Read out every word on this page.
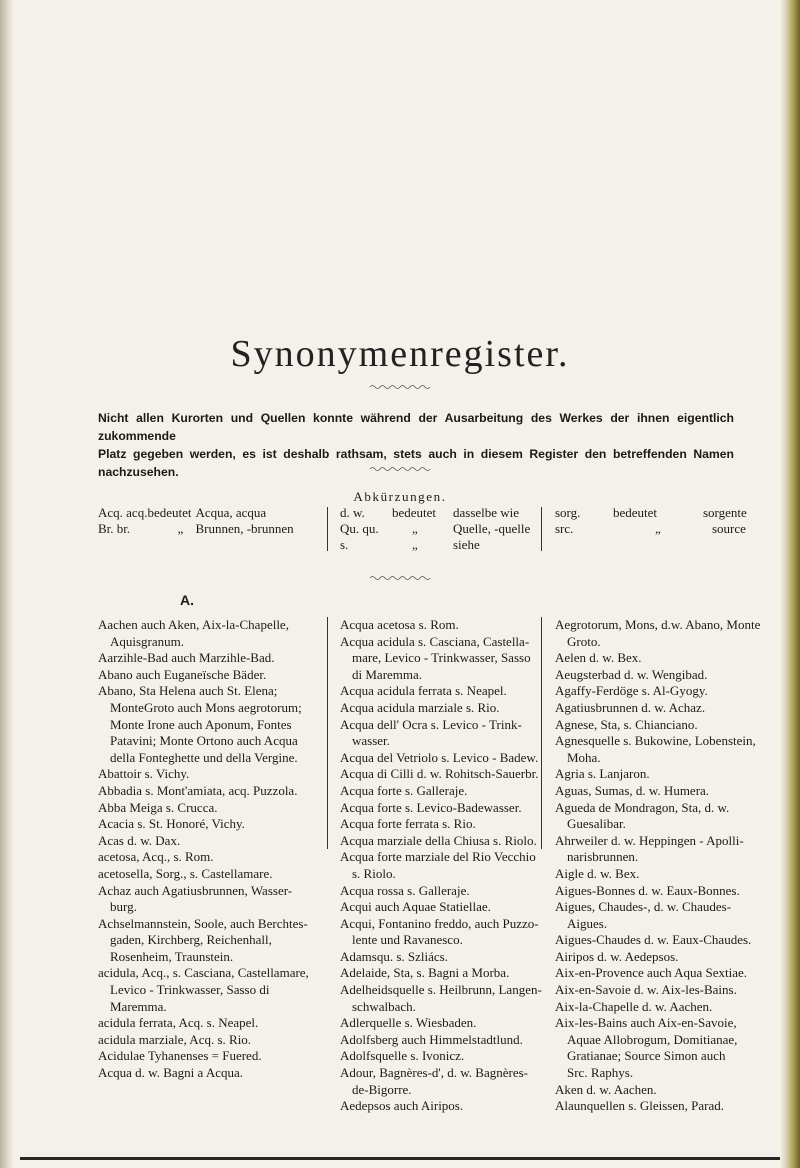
Synonymenregister.

Nicht allen Kurorten und Quellen konnte während der Ausarbeitung des Werkes der ihnen eigentlich zukommende

Platz gegeben werden, es ist deshalb rathsam, stets auch in diesem Register den betreffenden Namen nachzusehen.

Abkürzungen.
Acq. acq.	bedeutet	Acqua, acqua
Br. br.	„	Brunnen, -brunnen
d. w.	bedeutet	dasselbe wie
Qu. qu.	„	Quelle, -quelle
s.	„	siehe
sorg.	bedeutet	sorgente
src.	„	source
A.
Aachen auch Aken, Aix-la-Chapelle,
Aquisgranum.
Aarzihle-Bad auch Marzihle-Bad.
Abano auch Euganeïsche Bäder.
Abano, Sta Helena auch St. Elena;
MonteGroto auch Mons aegrotorum;
Monte Irone auch Aponum, Fontes
Patavini; Monte Ortono auch Acqua
della Fonteghette und della Vergine.
Abattoir s. Vichy.
Abbadia s. Mont'amiata, acq. Puzzola.
Abba Meiga s. Crucca.
Acacia s. St. Honoré, Vichy.
Acas d. w. Dax.
acetosa, Acq., s. Rom.
acetosella, Sorg., s. Castellamare.
Achaz auch Agatiusbrunnen, Wasser-
burg.
Achselmannstein, Soole, auch Berchtes-
gaden, Kirchberg, Reichenhall,
Rosenheim, Traunstein.
acidula, Acq., s. Casciana, Castellamare,
Levico - Trinkwasser, Sasso di
Maremma.
acidula ferrata, Acq. s. Neapel.
acidula marziale, Acq. s. Rio.
Acidulae Tyhanenses = Fuered.
Acqua d. w. Bagni a Acqua.
Acqua acetosa s. Rom.
Acqua acidula s. Casciana, Castella-
mare, Levico - Trinkwasser, Sasso
di Maremma.
Acqua acidula ferrata s. Neapel.
Acqua acidula marziale s. Rio.
Acqua dell' Ocra s. Levico - Trink-
wasser.
Acqua del Vetriolo s. Levico - Badew.
Acqua di Cilli d. w. Rohitsch-Sauerbr.
Acqua forte s. Galleraje.
Acqua forte s. Levico-Badewasser.
Acqua forte ferrata s. Rio.
Acqua marziale della Chiusa s. Riolo.
Acqua forte marziale del Rio Vecchio
s. Riolo.
Acqua rossa s. Galleraje.
Acqui auch Aquae Statiellae.
Acqui, Fontanino freddo, auch Puzzo-
lente und Ravanesco.
Adamsqu. s. Szliács.
Adelaide, Sta, s. Bagni a Morba.
Adelheidsquelle s. Heilbrunn, Langen-
schwalbach.
Adlerquelle s. Wiesbaden.
Adolfsberg auch Himmelstadtlund.
Adolfsquelle s. Ivonicz.
Adour, Bagnères-d', d. w. Bagnères-
de-Bigorre.
Aedepsos auch Airipos.
Aegrotorum, Mons, d.w. Abano, Monte
Groto.
Aelen d. w. Bex.
Aeugsterbad d. w. Wengibad.
Agaffy-Ferdöge s. Al-Gyogy.
Agatiusbrunnen d. w. Achaz.
Agnese, Sta, s. Chianciano.
Agnesquelle s. Bukowine, Lobenstein,
Moha.
Agria s. Lanjaron.
Aguas, Sumas, d. w. Humera.
Agueda de Mondragon, Sta, d. w.
Guesalibar.
Ahrweiler d. w. Heppingen - Apolli-
narisbrunnen.
Aigle d. w. Bex.
Aigues-Bonnes d. w. Eaux-Bonnes.
Aigues, Chaudes-, d. w. Chaudes-
Aigues.
Aigues-Chaudes d. w. Eaux-Chaudes.
Airipos d. w. Aedepsos.
Aix-en-Provence auch Aqua Sextiae.
Aix-en-Savoie d. w. Aix-les-Bains.
Aix-la-Chapelle d. w. Aachen.
Aix-les-Bains auch Aix-en-Savoie,
Aquae Allobrogum, Domitianae,
Gratianae; Source Simon auch
Src. Raphys.
Aken d. w. Aachen.
Alaunquellen s. Gleissen, Parad.
